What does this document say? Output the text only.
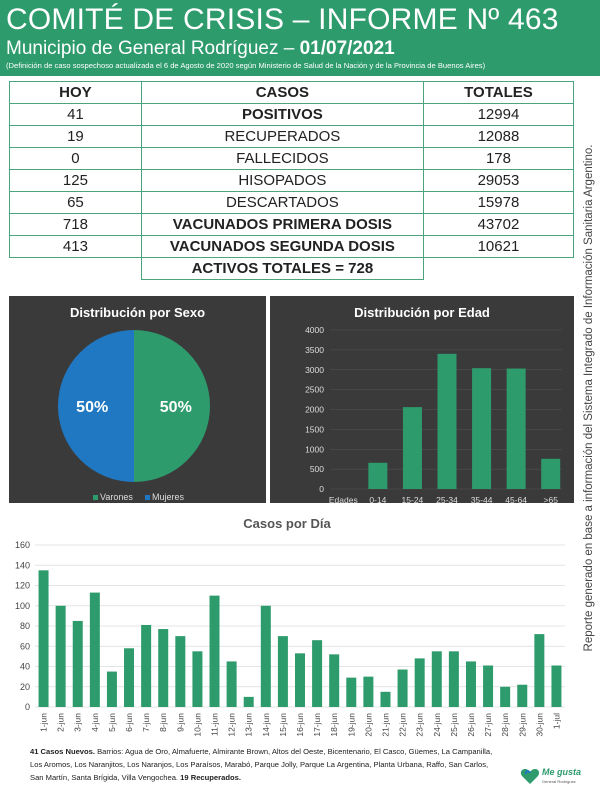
COMITÉ DE CRISIS – INFORME Nº 463
Municipio de General Rodríguez – 01/07/2021
(Definición de caso sospechoso actualizada el 6 de Agosto de 2020 según Ministerio de Salud de la Nación y de la Provincia de Buenos Aires)
HOY	CASOS	TOTALES
41	POSITIVOS	12994
19	RECUPERADOS	12088
0	FALLECIDOS	178
125	HISOPADOS	29053
65	DESCARTADOS	15978
718	VACUNADOS PRIMERA DOSIS	43702
413	VACUNADOS SEGUNDA DOSIS	10621
	ACTIVOS TOTALES = 728	
Distribución por Sexo
50%
50%
Varones Mujeres
Distribución por Edad
0
500
1000
1500
2000
2500
3000
3500
4000
Edades 0-14 15-24 25-34 35-44 45-64 >65 Reporte generado en base a información del Sistema Integrado de Información Sanitaria Argentino.
Casos por Día
0
20
40
60
80
100
120
140
160
1-jun 2-jun 3-jun 4-jun 5-jun 6-jun 7-jun 8-jun 9-jun 10-jun 11-jun 12-jun 13-jun 14-jun 15-jun 16-jun 17-jun 18-jun 19-jun 20-jun 21-jun 22-jun 23-jun 24-jun 25-jun 26-jun 27-jun 28-jun 29-jun 30-jun 1-jul
41 Casos Nuevos. Barrios: Agua de Oro, Almafuerte, Almirante Brown, Altos del Oeste, Bicentenario, El Casco, Güemes, La Campanilla, Los Aromos, Los Naranjitos, Los Naranjos, Los Paraísos, Marabó, Parque Jolly, Parque La Argentina, Planta Urbana, Raffo, San Carlos, San Martín, Santa Brígida, Villa Vengochea. 19 Recuperados.
Me gusta
General Rodríguez
